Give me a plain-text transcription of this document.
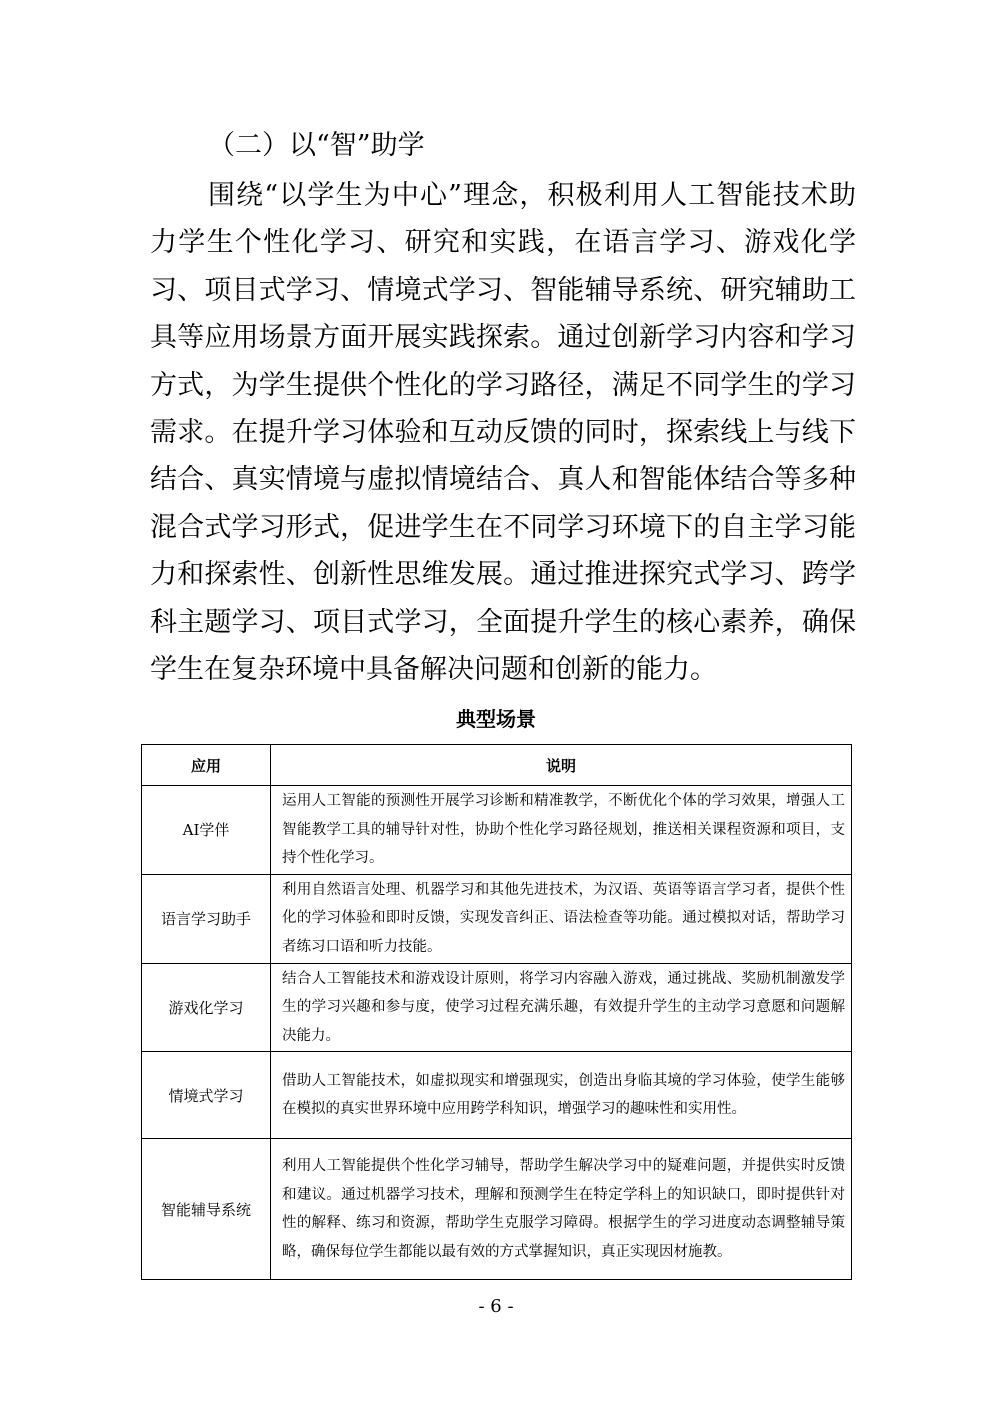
（二）以“智”助学

围绕“以学生为中心”理念，积极利用人工智能技术助力学生个性化学习、研究和实践，在语言学习、游戏化学习、项目式学习、情境式学习、智能辅导系统、研究辅助工具等应用场景方面开展实践探索。通过创新学习内容和学习方式，为学生提供个性化的学习路径，满足不同学生的学习需求。在提升学习体验和互动反馈的同时，探索线上与线下结合、真实情境与虚拟情境结合、真人和智能体结合等多种混合式学习形式，促进学生在不同学习环境下的自主学习能力和探索性、创新性思维发展。通过推进探究式学习、跨学科主题学习、项目式学习，全面提升学生的核心素养，确保学生在复杂环境中具备解决问题和创新的能力。

典型场景
应用	说明
AI学伴	运用人工智能的预测性开展学习诊断和精准教学，不断优化个体的学习效果，增强人工智能教学工具的辅导针对性，协助个性化学习路径规划，推送相关课程资源和项目，支持个性化学习。
语言学习助手	利用自然语言处理、机器学习和其他先进技术，为汉语、英语等语言学习者，提供个性化的学习体验和即时反馈，实现发音纠正、语法检查等功能。通过模拟对话，帮助学习者练习口语和听力技能。
游戏化学习	结合人工智能技术和游戏设计原则，将学习内容融入游戏，通过挑战、奖励机制激发学生的学习兴趣和参与度，使学习过程充满乐趣，有效提升学生的主动学习意愿和问题解决能力。
情境式学习	借助人工智能技术，如虚拟现实和增强现实，创造出身临其境的学习体验，使学生能够在模拟的真实世界环境中应用跨学科知识，增强学习的趣味性和实用性。
智能辅导系统	利用人工智能提供个性化学习辅导，帮助学生解决学习中的疑难问题，并提供实时反馈和建议。通过机器学习技术，理解和预测学生在特定学科上的知识缺口，即时提供针对性的解释、练习和资源，帮助学生克服学习障碍。根据学生的学习进度动态调整辅导策略，确保每位学生都能以最有效的方式掌握知识，真正实现因材施教。
- 6 -
